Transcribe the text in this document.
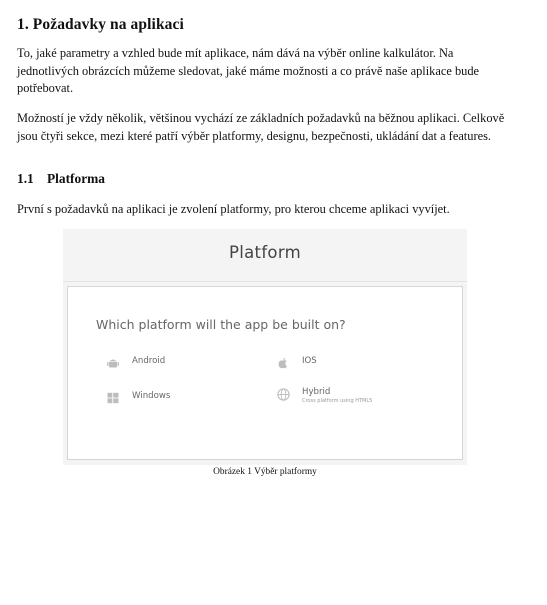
1. Požadavky na aplikaci

To, jaké parametry a vzhled bude mít aplikace, nám dává na výběr online kalkulátor. Na jednotlivých obrázcích můžeme sledovat, jaké máme možnosti a co právě naše aplikace bude potřebovat.

Možností je vždy několik, většinou vychází ze základních požadavků na běžnou aplikaci. Celkově jsou čtyři sekce, mezi které patří výběr platformy, designu, bezpečnosti, ukládání dat a features.

1.1 Platforma

První s požadavků na aplikaci je zvolení platformy, pro kterou chceme aplikaci vyvíjet.

Platform
Which platform will the app be built on?
Android	IOS
Windows	Hybrid
Cross platform using HTML5
Obrázek 1 Výběr platformy
